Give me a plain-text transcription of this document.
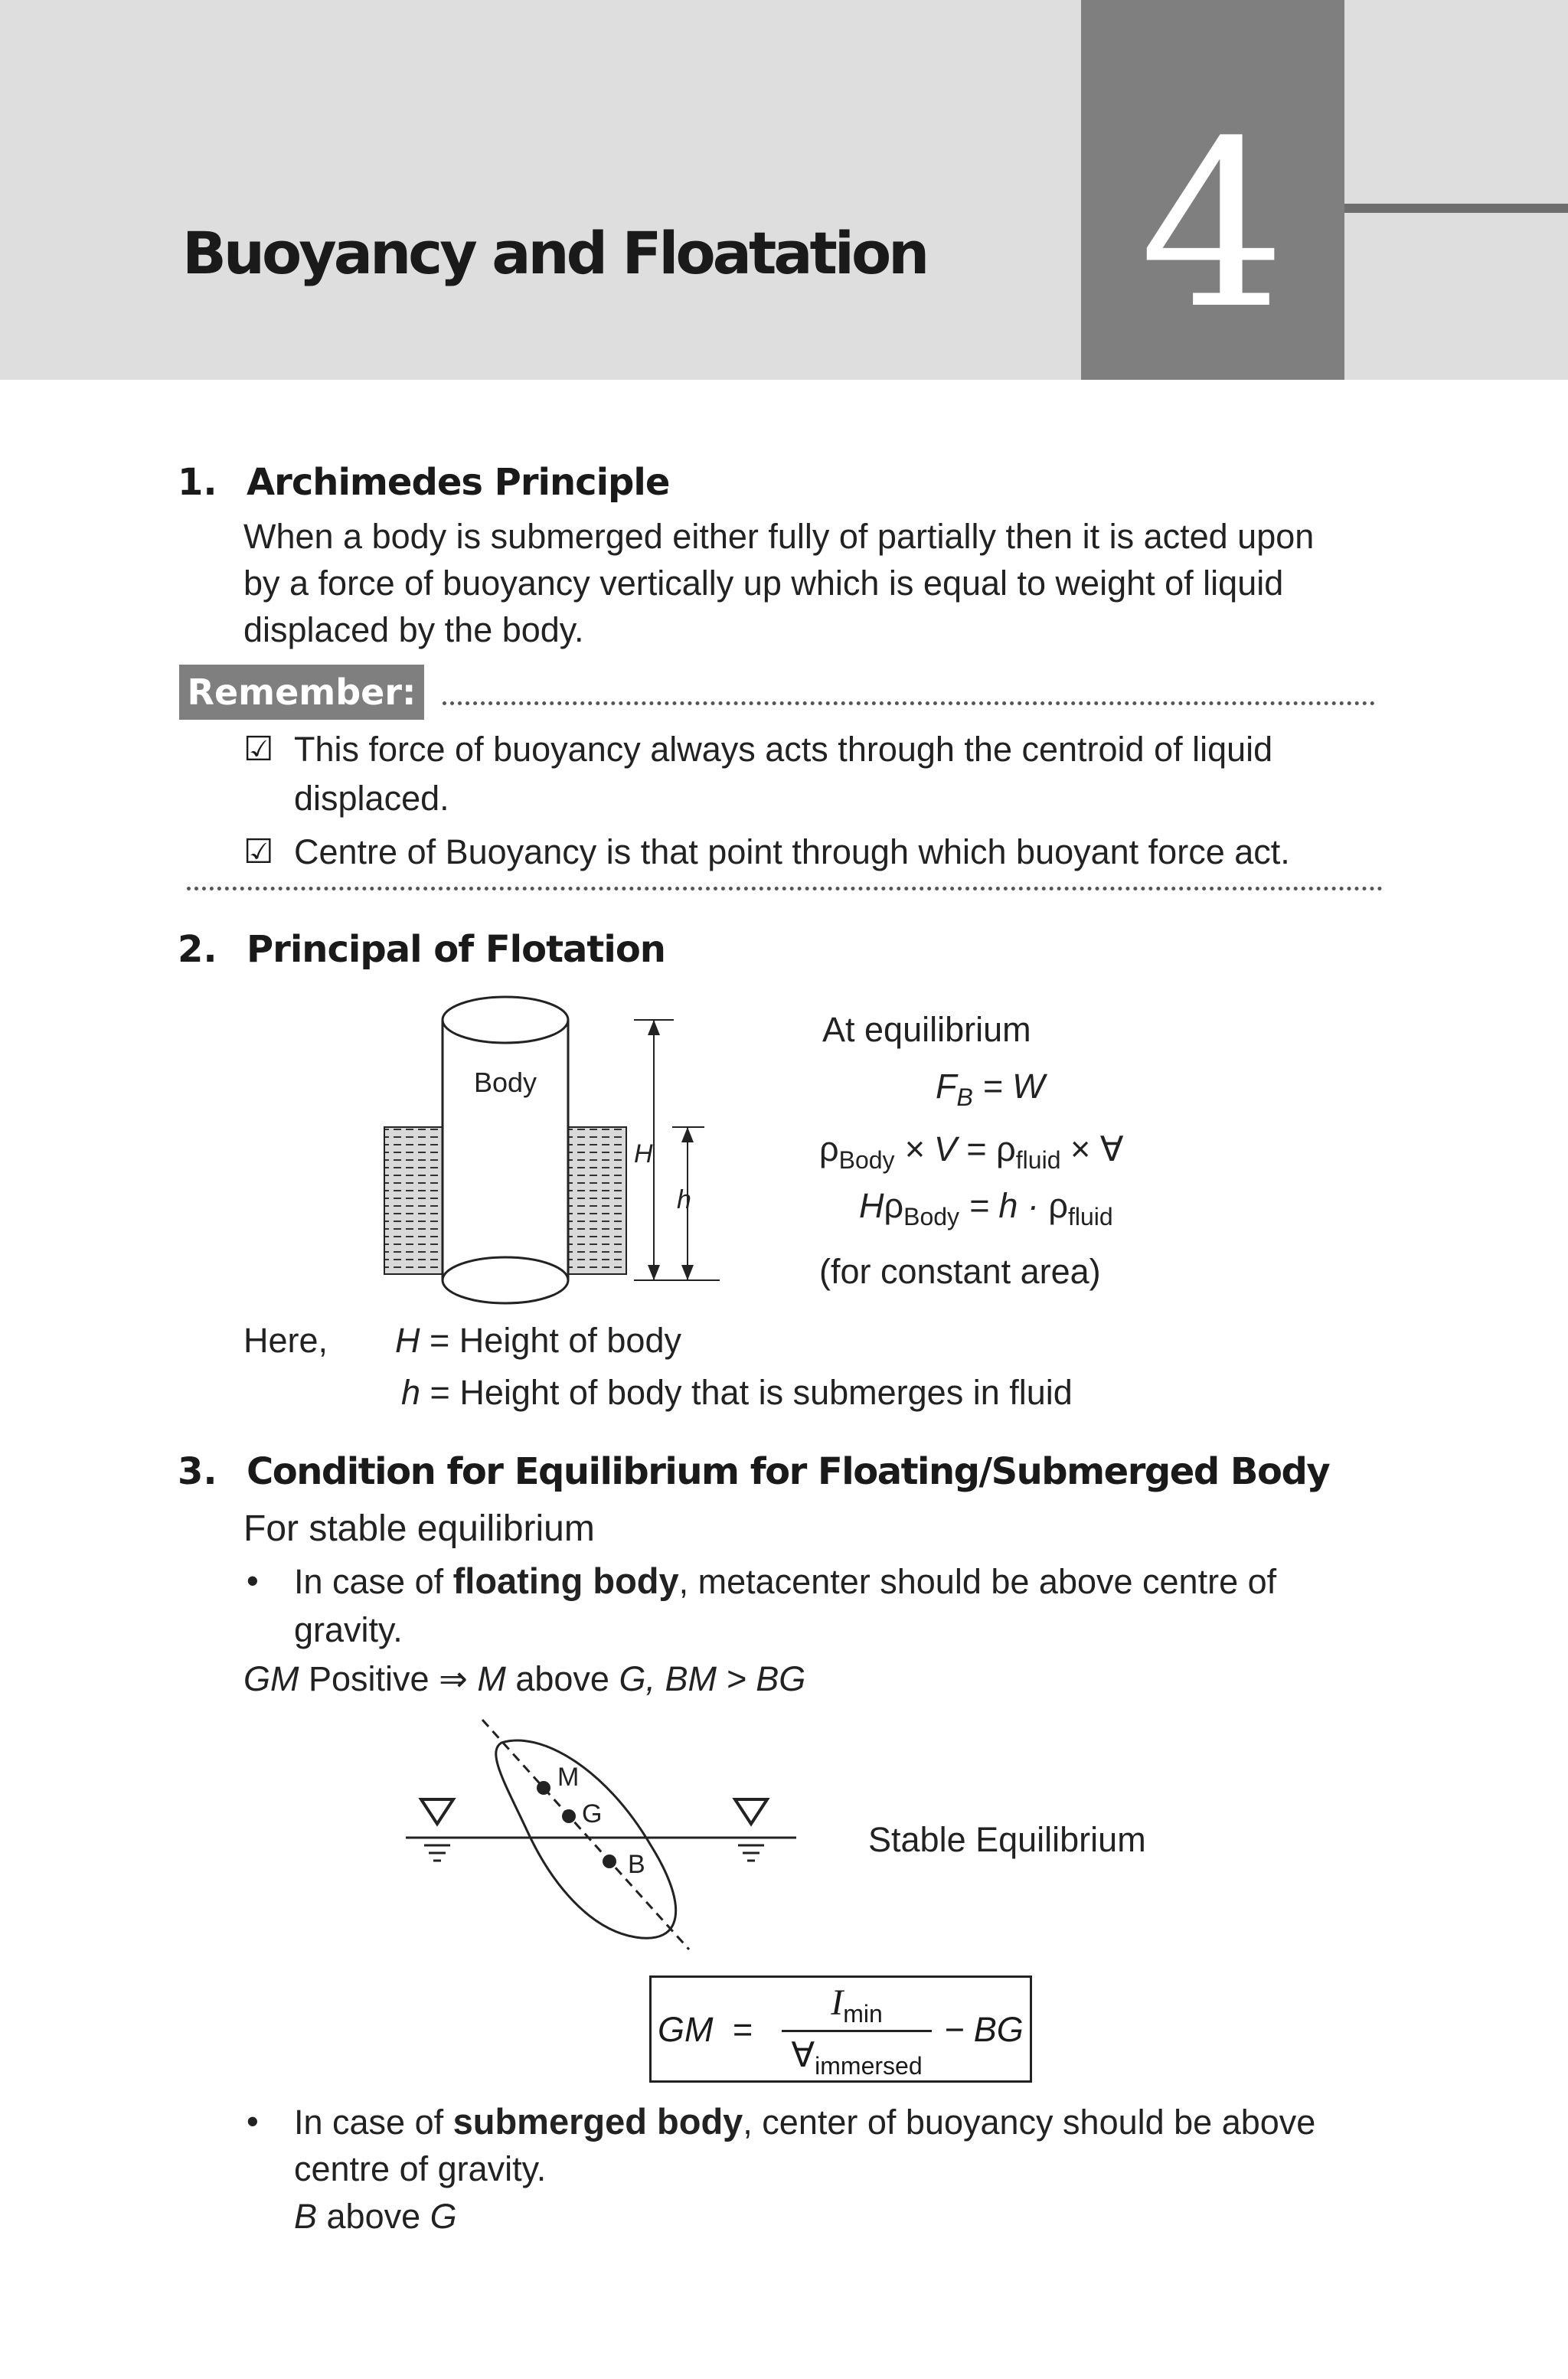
4
Buoyancy and Floatation
1. Archimedes Principle
When a body is submerged either fully of partially then it is acted upon
by a force of buoyancy vertically up which is equal to weight of liquid
displaced by the body.
Remember:
☑ This force of buoyancy always acts through the centroid of liquid
displaced.
☑ Centre of Buoyancy is that point through which buoyant force act.
2. Principal of Flotation
Body
H
h
At equilibrium
$F_B = W$
$\rho_{Body} \times V = \rho_{fluid}$ × ∀
$H\rho_{Body} = h \cdot \rho_{fluid}$
(for constant area)
Here, H = Height of body
h = Height of body that is submerges in fluid
3. Condition for Equilibrium for Floating/Submerged Body
For stable equilibrium
• In case of floating body, metacenter should be above centre of
gravity.
GM Positive ⇒ M above G, BM > BG
M
G
B
Stable Equilibrium
GM =
$I_{min}$
$\forall_{immersed}$
− BG
• In case of submerged body, center of buoyancy should be above
centre of gravity.
B above G
